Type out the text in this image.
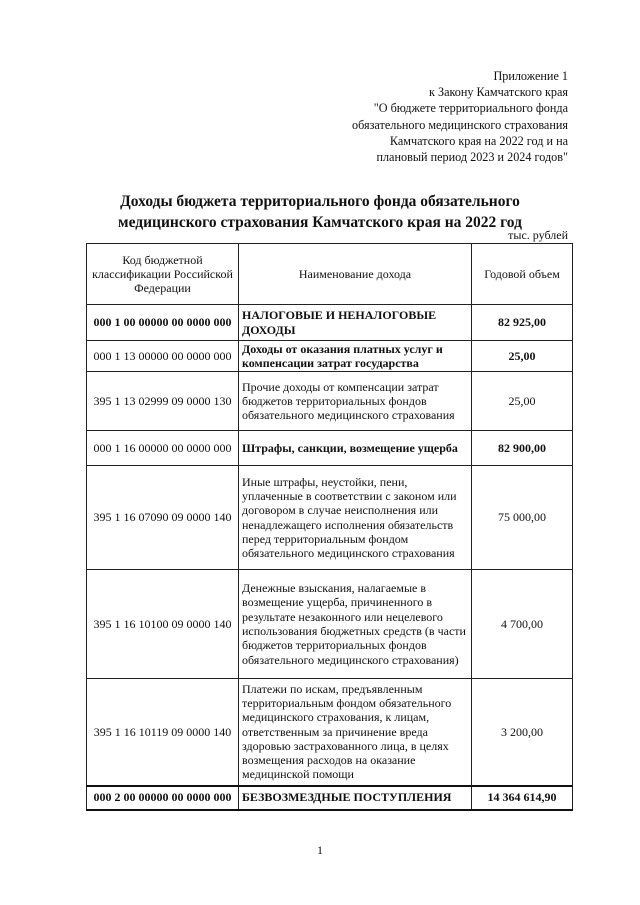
Приложение 1
к Закону Камчатского края
"О бюджете территориального фонда
обязательного медицинского страхования
Камчатского края на 2022 год и на
плановый период 2023 и 2024 годов"
Доходы бюджета территориального фонда обязательного
медицинского страхования Камчатского края на 2022 год
тыс. рублей
Код бюджетной классификации Российской Федерации	Наименование дохода	Годовой объем
000 1 00 00000 00 0000 000	НАЛОГОВЫЕ И НЕНАЛОГОВЫЕ ДОХОДЫ	82 925,00
000 1 13 00000 00 0000 000	Доходы от оказания платных услуг и компенсации затрат государства	25,00
395 1 13 02999 09 0000 130	Прочие доходы от компенсации затрат бюджетов территориальных фондов обязательного медицинского страхования	25,00
000 1 16 00000 00 0000 000	Штрафы, санкции, возмещение ущерба	82 900,00
395 1 16 07090 09 0000 140	Иные штрафы, неустойки, пени, уплаченные в соответствии с законом или договором в случае неисполнения или ненадлежащего исполнения обязательств перед территориальным фондом обязательного медицинского страхования	75 000,00
395 1 16 10100 09 0000 140	Денежные взыскания, налагаемые в возмещение ущерба, причиненного в результате незаконного или нецелевого использования бюджетных средств (в части бюджетов территориальных фондов обязательного медицинского страхования)	4 700,00
395 1 16 10119 09 0000 140	Платежи по искам, предъявленным территориальным фондом обязательного медицинского страхования, к лицам, ответственным за причинение вреда здоровью застрахованного лица, в целях возмещения расходов на оказание медицинской помощи	3 200,00
000 2 00 00000 00 0000 000	БЕЗВОЗМЕЗДНЫЕ ПОСТУПЛЕНИЯ	14 364 614,90
1
